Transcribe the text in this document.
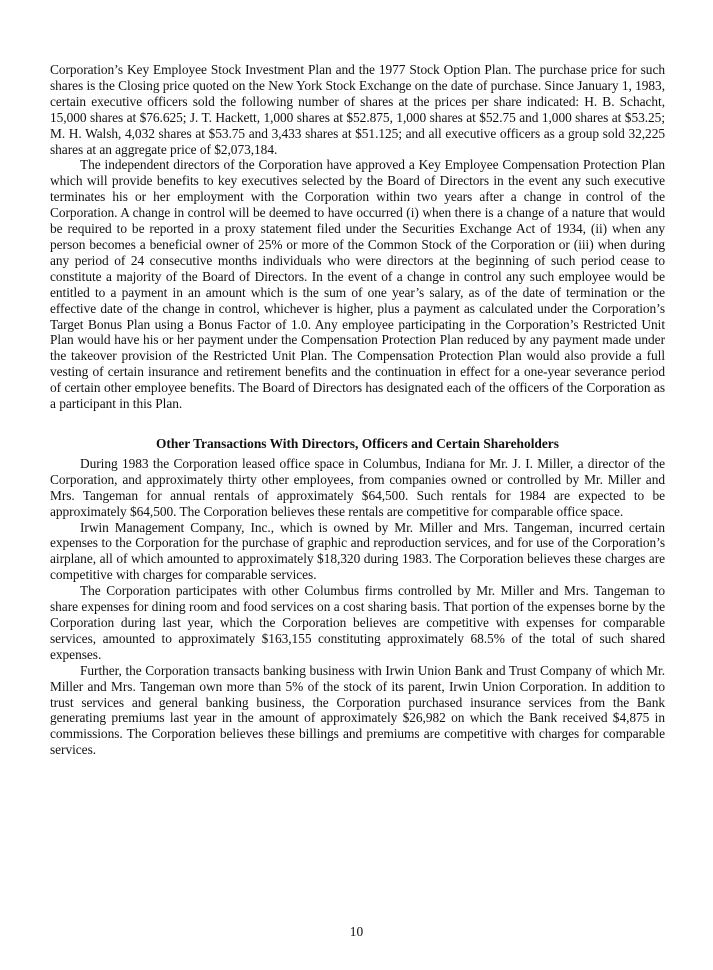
Corporation’s Key Employee Stock Investment Plan and the 1977 Stock Option Plan. The purchase price for such shares is the Closing price quoted on the New York Stock Exchange on the date of purchase. Since January 1, 1983, certain executive officers sold the following number of shares at the prices per share indicated: H. B. Schacht, 15,000 shares at $76.625; J. T. Hackett, 1,000 shares at $52.875, 1,000 shares at $52.75 and 1,000 shares at $53.25; M. H. Walsh, 4,032 shares at $53.75 and 3,433 shares at $51.125; and all executive officers as a group sold 32,225 shares at an aggregate price of $2,073,184.

The independent directors of the Corporation have approved a Key Employee Compensation Protection Plan which will provide benefits to key executives selected by the Board of Directors in the event any such executive terminates his or her employment with the Corporation within two years after a change in control of the Corporation. A change in control will be deemed to have occurred (i) when there is a change of a nature that would be required to be reported in a proxy statement filed under the Securities Exchange Act of 1934, (ii) when any person becomes a beneficial owner of 25% or more of the Common Stock of the Corporation or (iii) when during any period of 24 consecutive months individuals who were directors at the beginning of such period cease to constitute a majority of the Board of Directors. In the event of a change in control any such employee would be entitled to a payment in an amount which is the sum of one year’s salary, as of the date of termination or the effective date of the change in control, whichever is higher, plus a payment as calculated under the Corporation’s Target Bonus Plan using a Bonus Factor of 1.0. Any employee participating in the Corporation’s Restricted Unit Plan would have his or her payment under the Compensation Protection Plan reduced by any payment made under the takeover provision of the Restricted Unit Plan. The Compensation Protection Plan would also provide a full vesting of certain insurance and retirement benefits and the continuation in effect for a one-year severance period of certain other employee benefits. The Board of Directors has designated each of the officers of the Corporation as a participant in this Plan.

Other Transactions With Directors, Officers and Certain Shareholders

During 1983 the Corporation leased office space in Columbus, Indiana for Mr. J. I. Miller, a director of the Corporation, and approximately thirty other employees, from companies owned or controlled by Mr. Miller and Mrs. Tangeman for annual rentals of approximately $64,500. Such rentals for 1984 are expected to be approximately $64,500. The Corporation believes these rentals are competitive for comparable office space.

Irwin Management Company, Inc., which is owned by Mr. Miller and Mrs. Tangeman, incurred certain expenses to the Corporation for the purchase of graphic and reproduction services, and for use of the Corporation’s airplane, all of which amounted to approximately $18,320 during 1983. The Corporation believes these charges are competitive with charges for comparable services.

The Corporation participates with other Columbus firms controlled by Mr. Miller and Mrs. Tangeman to share expenses for dining room and food services on a cost sharing basis. That portion of the expenses borne by the Corporation during last year, which the Corporation believes are competitive with expenses for comparable services, amounted to approximately $163,155 constituting approximately 68.5% of the total of such shared expenses.

Further, the Corporation transacts banking business with Irwin Union Bank and Trust Company of which Mr. Miller and Mrs. Tangeman own more than 5% of the stock of its parent, Irwin Union Corporation. In addition to trust services and general banking business, the Corporation purchased insurance services from the Bank generating premiums last year in the amount of approximately $26,982 on which the Bank received $4,875 in commissions. The Corporation believes these billings and premiums are competitive with charges for comparable services.

10
